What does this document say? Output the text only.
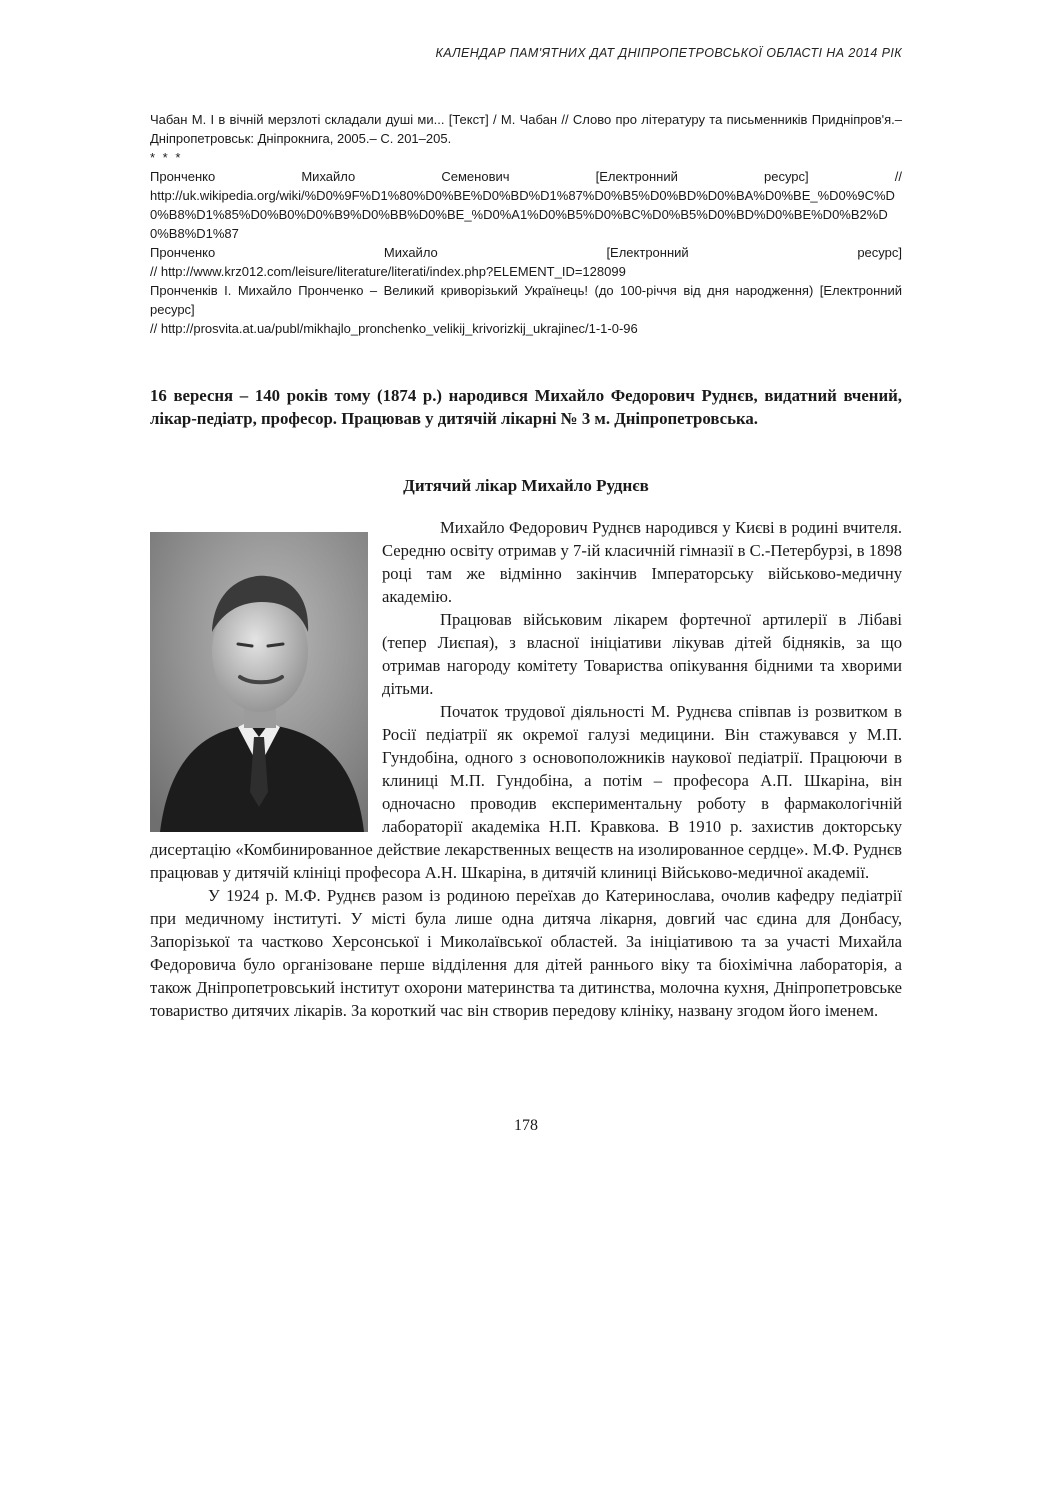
КАЛЕНДАР ПАМ'ЯТНИХ ДАТ ДНІПРОПЕТРОВСЬКОЇ ОБЛАСТІ НА 2014 РІК

Чабан М. І в вічній мерзлоті складали душі ми... [Текст] / М. Чабан // Слово про літературу та письменників Придніпров'я.– Дніпропетровськ: Дніпрокнига, 2005.– С. 201–205.

* * *

Пронченко Михайло Семенович [Електронний ресурс] //

http://uk.wikipedia.org/wiki/%D0%9F%D1%80%D0%BE%D0%BD%D1%87%D0%B5%D0%BD%D0%BA%D0%BE_%D0%9C%D0%B8%D1%85%D0%B0%D0%B9%D0%BB%D0%BE_%D0%A1%D0%B5%D0%BC%D0%B5%D0%BD%D0%BE%D0%B2%D0%B8%D1%87

Пронченко Михайло [Електронний ресурс]

// http://www.krz012.com/leisure/literature/literati/index.php?ELEMENT_ID=128099

Пронченків І. Михайло Пронченко – Великий криворізький Українець! (до 100-річчя від дня народження) [Електронний ресурс]

// http://prosvita.at.ua/publ/mikhajlo_pronchenko_velikij_krivorizkij_ukrajinec/1-1-0-96

16 вересня – 140 років тому (1874 р.) народився Михайло Федорович Руднєв, видатний вчений, лікар-педіатр, професор. Працював у дитячій лікарні № 3 м. Дніпропетровська.

Дитячий лікар Михайло Руднєв

Михайло Федорович Руднєв народився у Києві в родині вчителя. Середню освіту отримав у 7-ій класичній гімназії в С.-Петербурзі, в 1898 році там же відмінно закінчив Імператорську військово-медичну академію.

Працював військовим лікарем фортечної артилерії в Лібаві (тепер Лиєпая), з власної ініціативи лікував дітей бідняків, за що отримав нагороду комітету Товариства опікування бідними та хворими дітьми.

Початок трудової діяльності М. Руднєва співпав із розвитком в Росії педіатрії як окремої галузі медицини. Він стажувався у М.П. Гундобіна, одного з основоположників наукової педіатрії. Працюючи в клиниці М.П. Гундобіна, а потім – професора А.П. Шкаріна, він одночасно проводив експериментальну роботу в фармакологічній лабораторії академіка Н.П. Кравкова. В 1910 р. захистив докторську дисертацію «Комбинированное действие лекарственных веществ на изолированное сердце». М.Ф. Руднєв працював у дитячій клініці професора А.Н. Шкаріна, в дитячій клиниці Військово-медичної академії.

У 1924 р. М.Ф. Руднєв разом із родиною переїхав до Катеринослава, очолив кафедру педіатрії при медичному інституті. У місті була лише одна дитяча лікарня, довгий час єдина для Донбасу, Запорізької та частково Херсонської і Миколаївської областей. За ініціативою та за участі Михайла Федоровича було організоване перше відділення для дітей раннього віку та біохімічна лабораторія, а також Дніпропетровський інститут охорони материнства та дитинства, молочна кухня, Дніпропетровське товариство дитячих лікарів. За короткий час він створив передову клініку, названу згодом його іменем.

178
